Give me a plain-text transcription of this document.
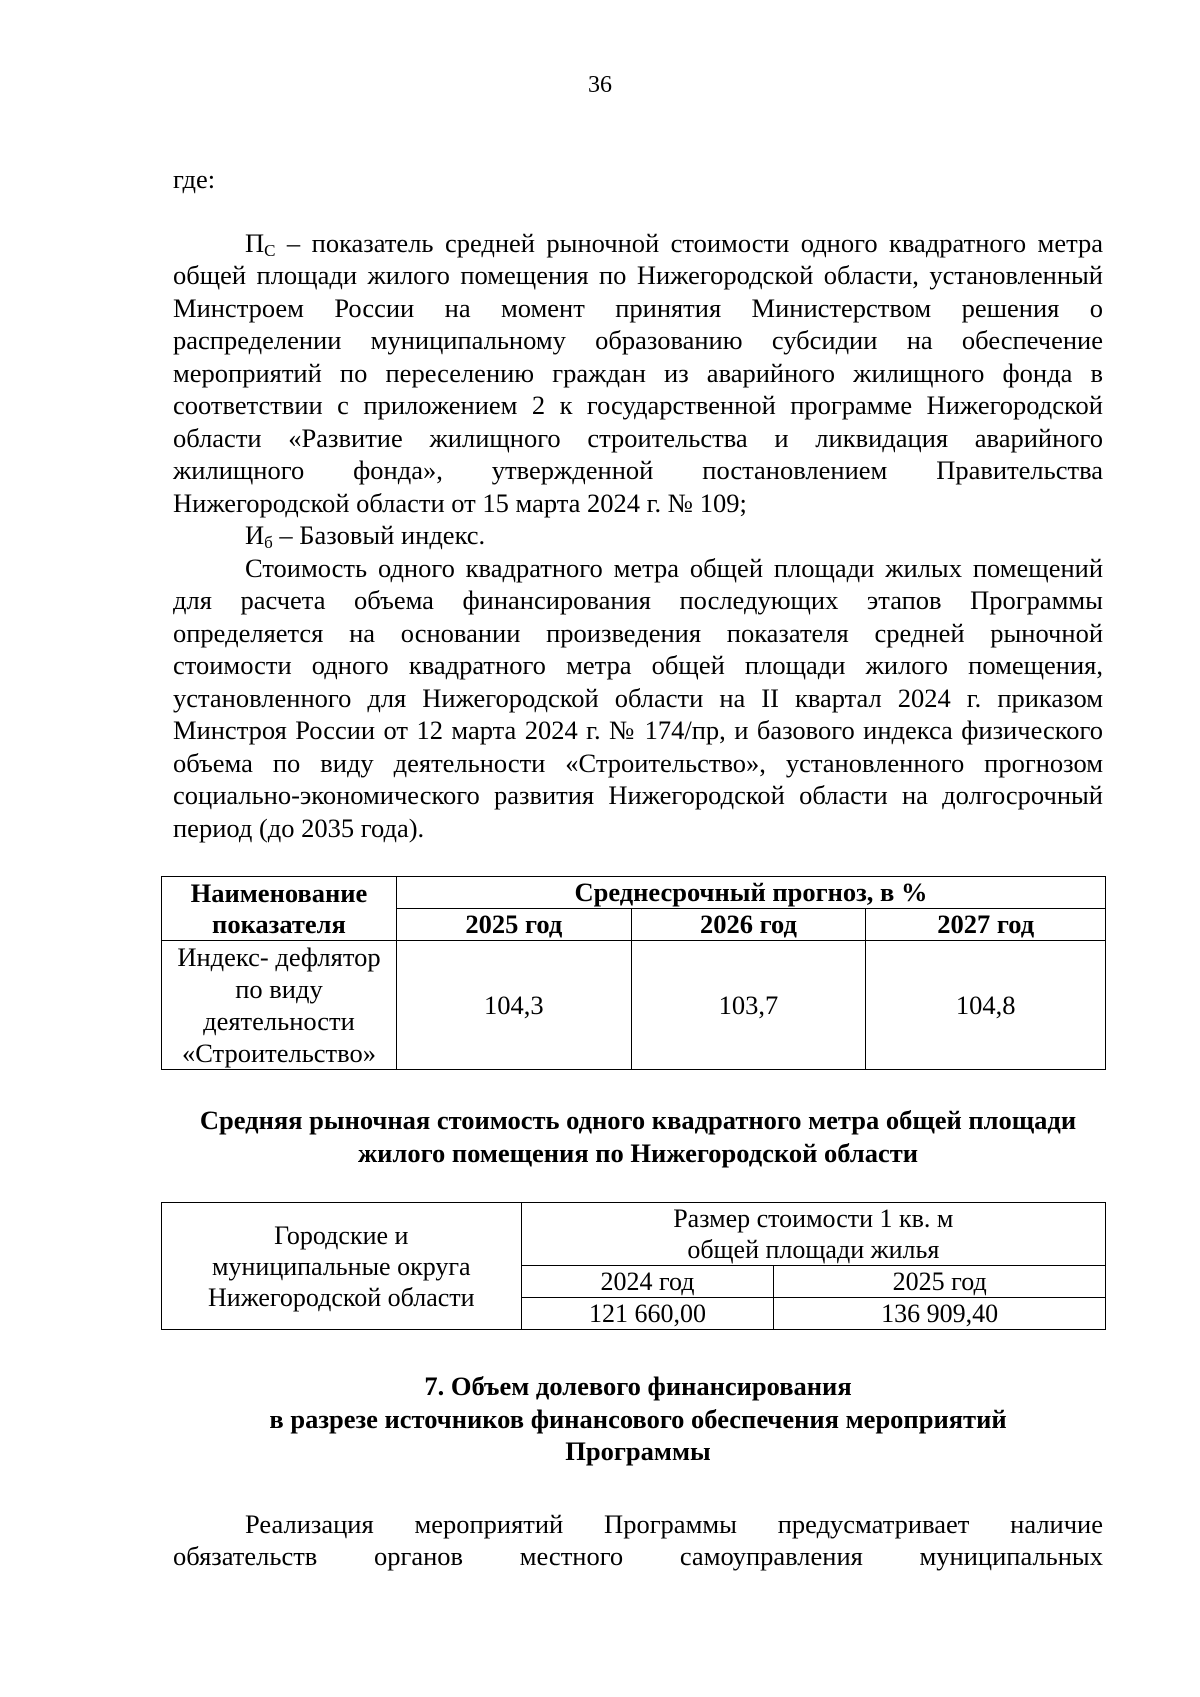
36

где:

$П_С$ – показатель средней рыночной стоимости одного квадратного метра общей площади жилого помещения по Нижегородской области, установленный Минстроем России на момент принятия Министерством решения о распределении муниципальному образованию субсидии на обеспечение мероприятий по переселению граждан из аварийного жилищного фонда в соответствии с приложением 2 к государственной программе Нижегородской области «Развитие жилищного строительства и ликвидация аварийного жилищного фонда», утвержденной постановлением Правительства Нижегородской области от 15 марта 2024 г. № 109;

$И_б$ – Базовый индекс.

Стоимость одного квадратного метра общей площади жилых помещений для расчета объема финансирования последующих этапов Программы определяется на основании произведения показателя средней рыночной стоимости одного квадратного метра общей площади жилого помещения, установленного для Нижегородской области на II квартал 2024 г. приказом Минстроя России от 12 марта 2024 г. № 174/пр, и базового индекса физического объема по виду деятельности «Строительство», установленного прогнозом социально-экономического развития Нижегородской области на долгосрочный период (до 2035 года).

Наименование показателя	Среднесрочный прогноз, в %		
	2025 год	2026 год	2027 год
Индекс- дефлятор по виду деятельности «Строительство»	104,3	103,7	104,8

Средняя рыночная стоимость одного квадратного метра общей площади жилого помещения по Нижегородской области

Городские и муниципальные округа Нижегородской области	Размер стоимости 1 кв. м общей площади жилья	
	2024 год	2025 год
	121 660,00	136 909,40

7. Объем долевого финансирования

в разрезе источников финансового обеспечения мероприятий

Программы

Реализация мероприятий Программы предусматривает наличие обязательств органов местного самоуправления муниципальных
